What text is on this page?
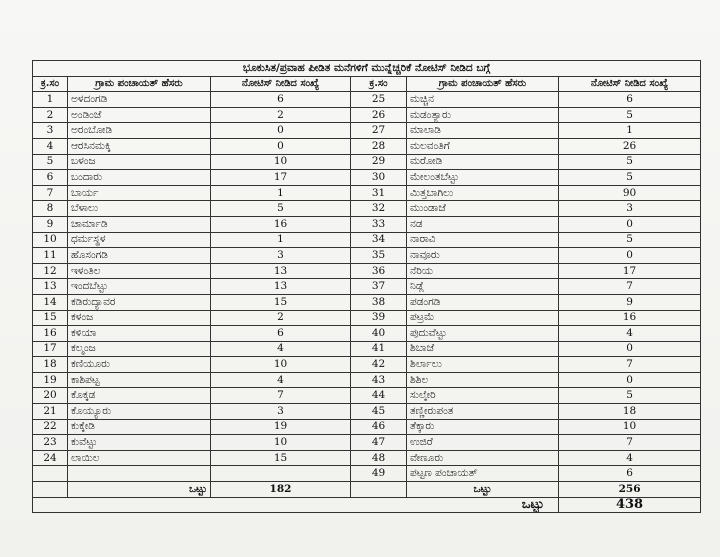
ಭೂಕುಸಿತ/ಪ್ರವಾಹ ಪೀಡಿತ ಮನೆಗಳಿಗೆ ಮುನ್ನೆಚ್ಚರಿಕೆ ನೋಟಿಸ್ ನೀಡಿದ ಬಗ್ಗೆ					
ಕ್ರ.ಸಂ	ಗ್ರಾಮ ಪಂಚಾಯತ್ ಹೆಸರು	ನೋಟಿಸ್ ನೀಡಿದ ಸಂಖ್ಯೆ	ಕ್ರ.ಸಂ	ಗ್ರಾಮ ಪಂಚಾಯತ್ ಹೆಸರು	ನೋಟಿಸ್ ನೀಡಿದ ಸಂಖ್ಯೆ
1	ಅಳದಂಗಡಿ	6	25	ಮಚ್ಚಿನ	6
2	ಅಂಡಿಂಜೆ	2	26	ಮಡಂತ್ಯಾರು	5
3	ಅರಂಬೋಡಿ	0	27	ಮಾಲಾಡಿ	1
4	ಆರಸಿನಮಕ್ಕಿ	0	28	ಮಲವಂತಿಗೆ	26
5	ಬಳಂಜ	10	29	ಮರೋಡಿ	5
6	ಬಂದಾರು	17	30	ಮೇಲಂತಬೆಟ್ಟು	5
7	ಬಾರ್ಯ	1	31	ಮಿತ್ತಬಾಗಿಲು	90
8	ಬೆಳಾಲು	5	32	ಮುಂಡಾಜೆ	3
9	ಚಾರ್ಮಾಡಿ	16	33	ನಡ	0
10	ಧರ್ಮಸ್ಥಳ	1	34	ನಾರಾವಿ	5
11	ಹೊಸಂಗಡಿ	3	35	ನಾವೂರು	0
12	ಇಳಂತಿಲ	13	36	ನೆರಿಯ	17
13	ಇಂದಬೆಟ್ಟು	13	37	ನಿಡ್ಲೆ	7
14	ಕಡಿರುದ್ಯಾವರ	15	38	ಪಡಂಗಡಿ	9
15	ಕಳಂಜ	2	39	ಪಟ್ರಮೆ	16
16	ಕಳಿಯಾ	6	40	ಪುದುವೆಟ್ಟು	4
17	ಕಲ್ಮಂಜ	4	41	ಶಿಬಾಜೆ	0
18	ಕಣಿಯೂರು	10	42	ಶಿರ್ಲಾಲು	7
19	ಕಾಶಿಪಟ್ಟ	4	43	ಶಿಶಿಲ	0
20	ಕೊಕ್ಕಡ	7	44	ಸುಲ್ಕೇರಿ	5
21	ಕೊಯ್ಯೂರು	3	45	ತಣ್ಣೀರುಪಂತ	18
22	ಕುಕ್ಕೇಡಿ	19	46	ತೆಕ್ಕಾರು	10
23	ಕುವೆಟ್ಟು	10	47	ಉಜಿರೆ	7
24	ಲಾಯಿಲ	15	48	ವೇಣೂರು	4
			49	ಪಟ್ಟಣ ಪಂಚಾಯತ್	6
	ಒಟ್ಟು	182		ಒಟ್ಟು	256
ಒಟ್ಟು					438
